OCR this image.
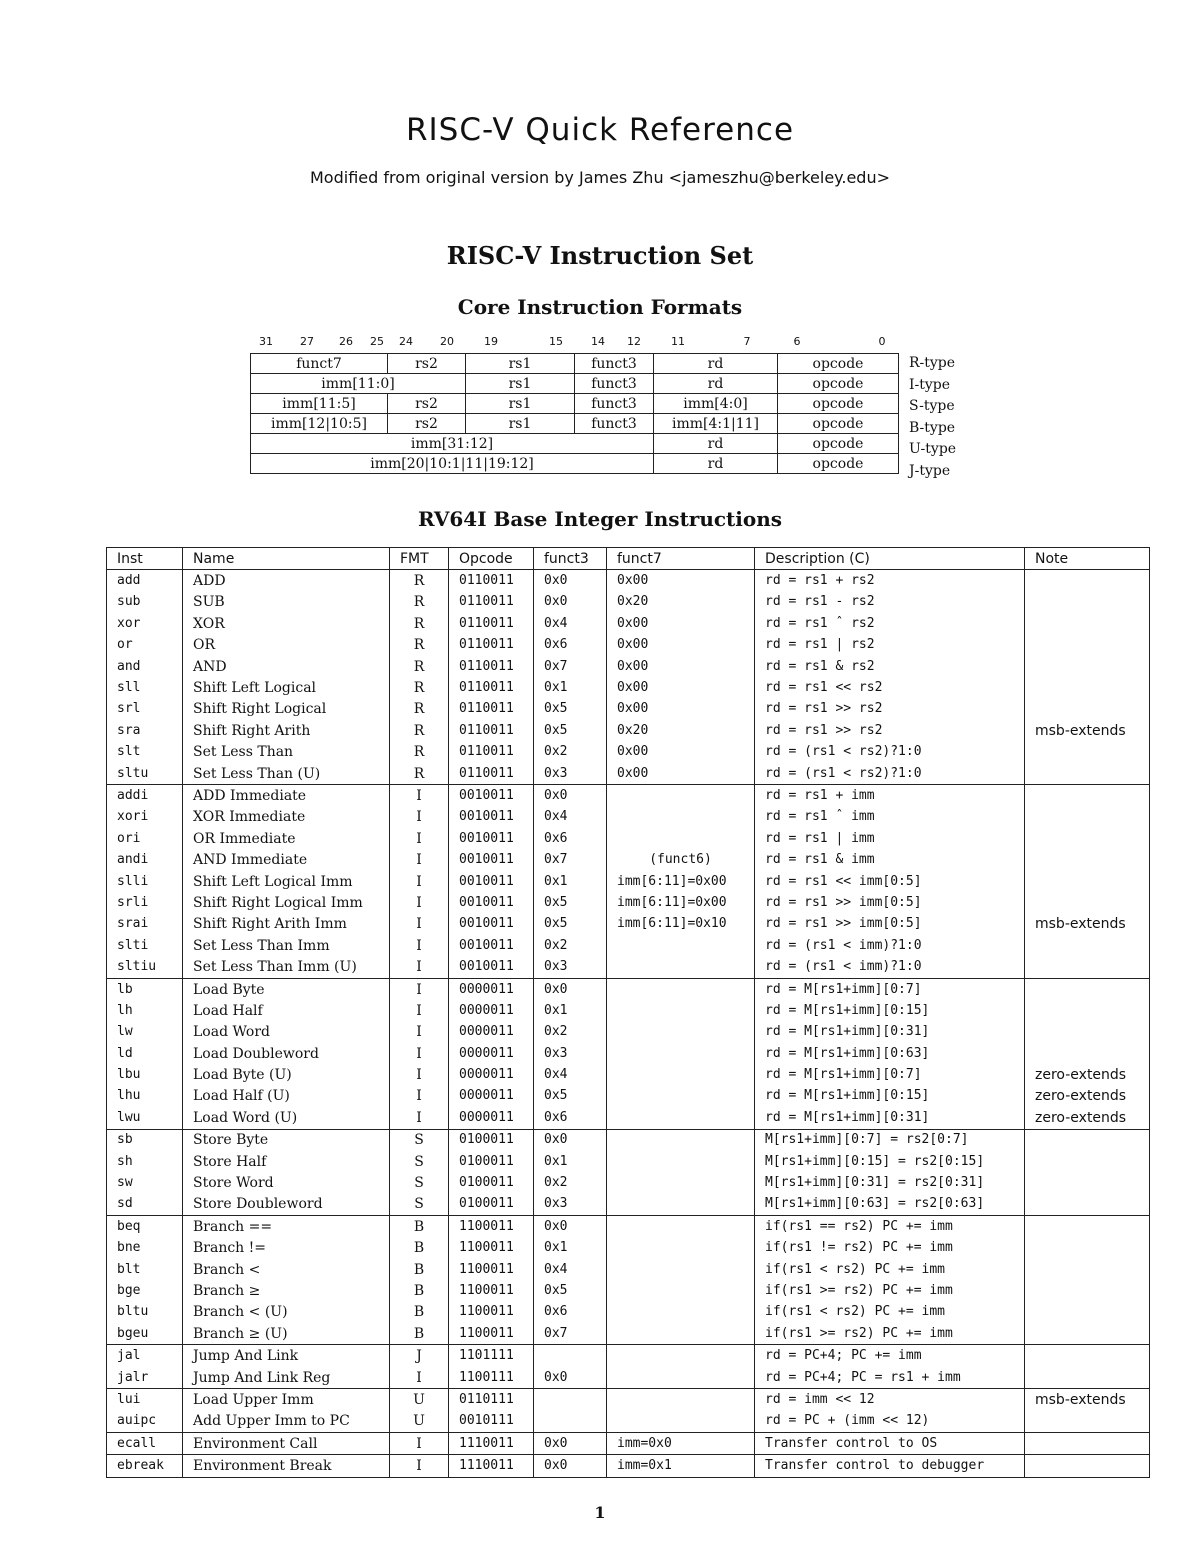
RISC-V Quick Reference
Modified from original version by James Zhu <jameszhu@berkeley.edu>
RISC-V Instruction Set
Core Instruction Formats
31 27 26 25 24 20	19	15	14 12	11	7	6	0
funct7	rs2	rs1	funct3	rd	opcode
imm[11:0]		rs1	funct3	rd	opcode
imm[11:5]	rs2	rs1	funct3	imm[4:0]	opcode
imm[12|10:5]	rs2	rs1	funct3	imm[4:1|11]	opcode
imm[31:12]				rd	opcode
imm[20|10:1|11|19:12]				rd	opcode
R-type
I-type
S-type
B-type
U-type
J-type
RV64I Base Integer Instructions
Inst	Name	FMT	Opcode	funct3	funct7	Description (C)	Note
add	ADD	R	0110011	0x0	0x00	rd = rs1 + rs2	
sub	SUB	R	0110011	0x0	0x20	rd = rs1 - rs2	
xor	XOR	R	0110011	0x4	0x00	rd = rs1 ˆ rs2	
or	OR	R	0110011	0x6	0x00	rd = rs1 | rs2	
and	AND	R	0110011	0x7	0x00	rd = rs1 & rs2	
sll	Shift Left Logical	R	0110011	0x1	0x00	rd = rs1 << rs2	
srl	Shift Right Logical	R	0110011	0x5	0x00	rd = rs1 >> rs2	
sra	Shift Right Arith	R	0110011	0x5	0x20	rd = rs1 >> rs2	msb-extends
slt	Set Less Than	R	0110011	0x2	0x00	rd = (rs1 < rs2)?1:0	
sltu	Set Less Than (U)	R	0110011	0x3	0x00	rd = (rs1 < rs2)?1:0	
addi	ADD Immediate	I	0010011	0x0		rd = rs1 + imm	
xori	XOR Immediate	I	0010011	0x4		rd = rs1 ˆ imm	
ori	OR Immediate	I	0010011	0x6		rd = rs1 | imm	
andi	AND Immediate	I	0010011	0x7	(funct6)	rd = rs1 & imm	
slli	Shift Left Logical Imm	I	0010011	0x1	imm[6:11]=0x00	rd = rs1 << imm[0:5]	
srli	Shift Right Logical Imm	I	0010011	0x5	imm[6:11]=0x00	rd = rs1 >> imm[0:5]	
srai	Shift Right Arith Imm	I	0010011	0x5	imm[6:11]=0x10	rd = rs1 >> imm[0:5]	msb-extends
slti	Set Less Than Imm	I	0010011	0x2		rd = (rs1 < imm)?1:0	
sltiu	Set Less Than Imm (U)	I	0010011	0x3		rd = (rs1 < imm)?1:0	
lb	Load Byte	I	0000011	0x0		rd = M[rs1+imm][0:7]	
lh	Load Half	I	0000011	0x1		rd = M[rs1+imm][0:15]	
lw	Load Word	I	0000011	0x2		rd = M[rs1+imm][0:31]	
ld	Load Doubleword	I	0000011	0x3		rd = M[rs1+imm][0:63]	
lbu	Load Byte (U)	I	0000011	0x4		rd = M[rs1+imm][0:7]	zero-extends
lhu	Load Half (U)	I	0000011	0x5		rd = M[rs1+imm][0:15]	zero-extends
lwu	Load Word (U)	I	0000011	0x6		rd = M[rs1+imm][0:31]	zero-extends
sb	Store Byte	S	0100011	0x0		M[rs1+imm][0:7] = rs2[0:7]	
sh	Store Half	S	0100011	0x1		M[rs1+imm][0:15] = rs2[0:15]	
sw	Store Word	S	0100011	0x2		M[rs1+imm][0:31] = rs2[0:31]	
sd	Store Doubleword	S	0100011	0x3		M[rs1+imm][0:63] = rs2[0:63]	
beq	Branch ==	B	1100011	0x0		if(rs1 == rs2) PC += imm	
bne	Branch !=	B	1100011	0x1		if(rs1 != rs2) PC += imm	
blt	Branch <	B	1100011	0x4		if(rs1 < rs2) PC += imm	
bge	Branch ≥	B	1100011	0x5		if(rs1 >= rs2) PC += imm	
bltu	Branch < (U)	B	1100011	0x6		if(rs1 < rs2) PC += imm	
bgeu	Branch ≥ (U)	B	1100011	0x7		if(rs1 >= rs2) PC += imm	
jal	Jump And Link	J	1101111			rd = PC+4; PC += imm	
jalr	Jump And Link Reg	I	1100111	0x0		rd = PC+4; PC = rs1 + imm	
lui	Load Upper Imm	U	0110111			rd = imm << 12	msb-extends
auipc	Add Upper Imm to PC	U	0010111			rd = PC + (imm << 12)	
ecall	Environment Call	I	1110011	0x0	imm=0x0	Transfer control to OS	
ebreak	Environment Break	I	1110011	0x0	imm=0x1	Transfer control to debugger	
1
